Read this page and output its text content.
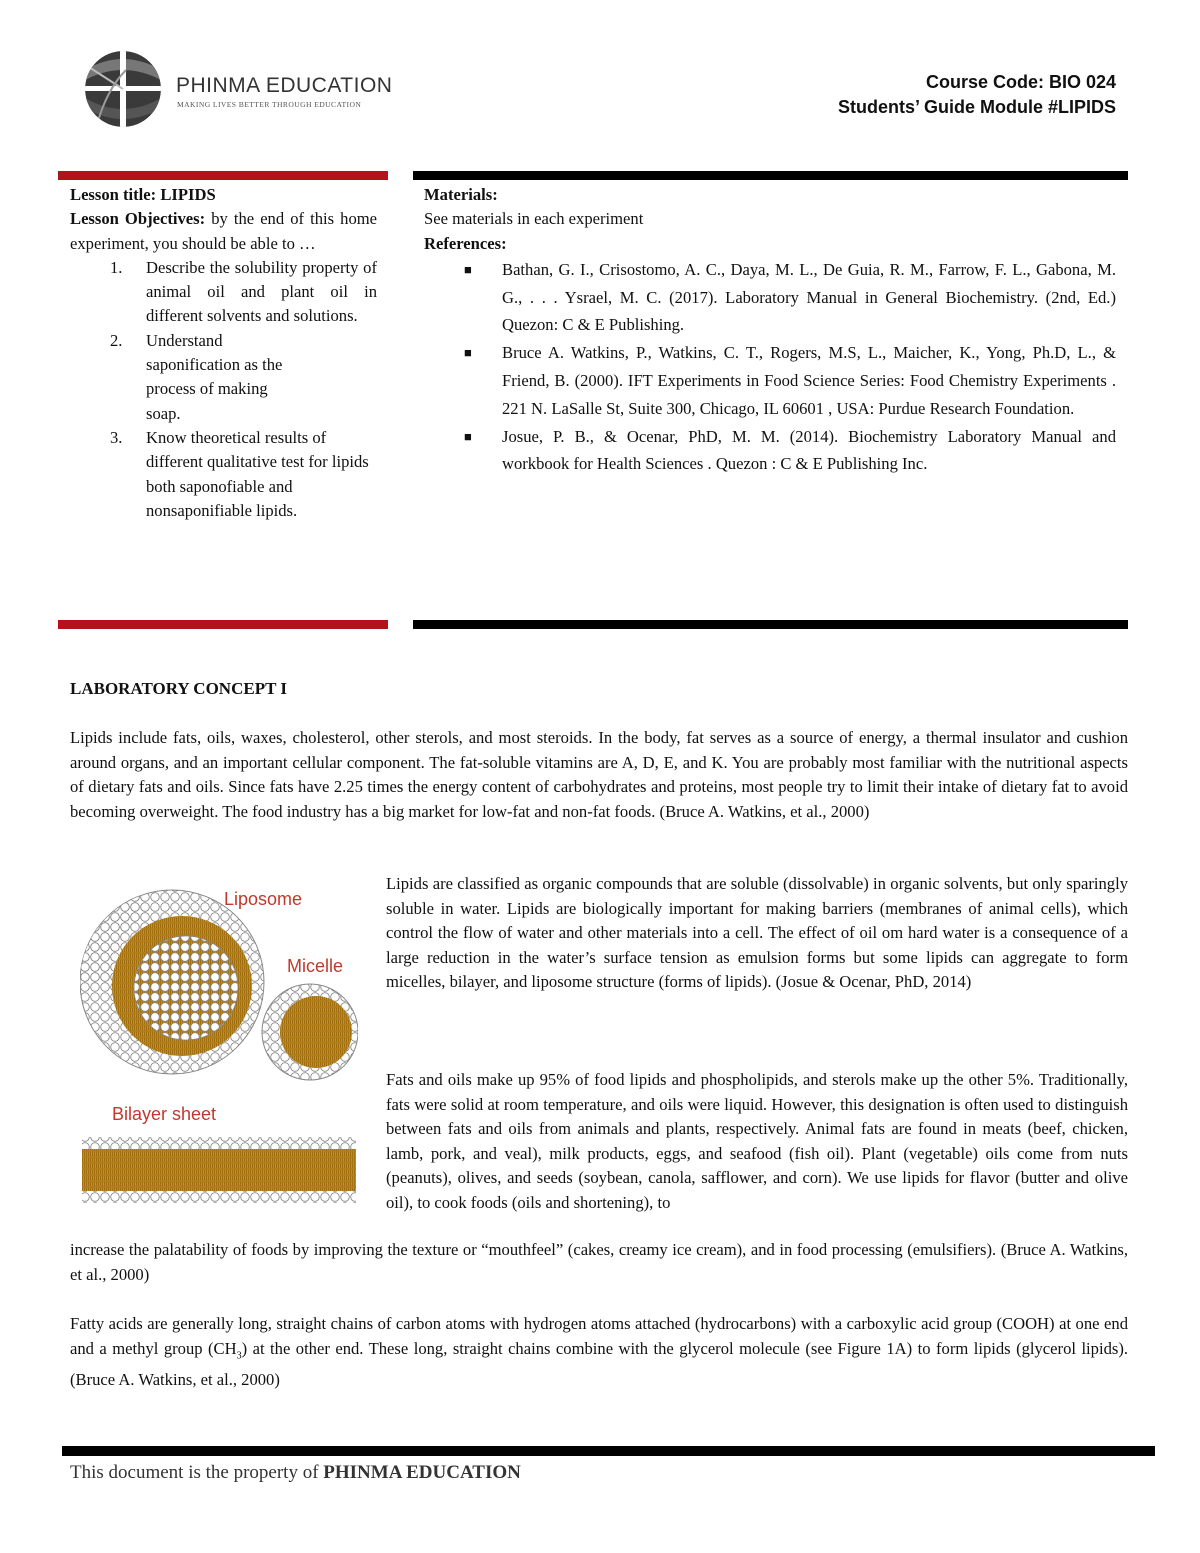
PHINMA EDUCATION
MAKING LIVES BETTER THROUGH EDUCATION
Course Code: BIO 024
Students’ Guide Module #LIPIDS
Lesson title: LIPIDS
Lesson Objectives: by the end of this home experiment, you should be able to …
1. Describe the solubility property of animal oil and plant oil in different solvents and solutions.
2. Understand saponification as the process of making soap.
3. Know theoretical results of different qualitative test for lipids both saponofiable and nonsaponifiable lipids.
Materials:
See materials in each experiment
References:
■ Bathan, G. I., Crisostomo, A. C., Daya, M. L., De Guia, R. M., Farrow, F. L., Gabona, M. G., . . . Ysrael, M. C. (2017). Laboratory Manual in General Biochemistry. (2nd, Ed.) Quezon: C & E Publishing.
■ Bruce A. Watkins, P., Watkins, C. T., Rogers, M.S, L., Maicher, K., Yong, Ph.D, L., & Friend, B. (2000). IFT Experiments in Food Science Series: Food Chemistry Experiments . 221 N. LaSalle St, Suite 300, Chicago, IL 60601 , USA: Purdue Research Foundation.
■ Josue, P. B., & Ocenar, PhD, M. M. (2014). Biochemistry Laboratory Manual and workbook for Health Sciences . Quezon : C & E Publishing Inc.
LABORATORY CONCEPT I

Lipids include fats, oils, waxes, cholesterol, other sterols, and most steroids. In the body, fat serves as a source of energy, a thermal insulator and cushion around organs, and an important cellular component. The fat-soluble vitamins are A, D, E, and K. You are probably most familiar with the nutritional aspects of dietary fats and oils. Since fats have 2.25 times the energy content of carbohydrates and proteins, most people try to limit their intake of dietary fat to avoid becoming overweight. The food industry has a big market for low-fat and non-fat foods. (Bruce A. Watkins, et al., 2000)

Liposome
Micelle
Bilayer sheet

Lipids are classified as organic compounds that are soluble (dissolvable) in organic solvents, but only sparingly soluble in water. Lipids are biologically important for making barriers (membranes of animal cells), which control the flow of water and other materials into a cell. The effect of oil om hard water is a consequence of a large reduction in the water’s surface tension as emulsion forms but some lipids can aggregate to form micelles, bilayer, and liposome structure (forms of lipids). (Josue & Ocenar, PhD, 2014)

Fats and oils make up 95% of food lipids and phospholipids, and sterols make up the other 5%. Traditionally, fats were solid at room temperature, and oils were liquid. However, this designation is often used to distinguish between fats and oils from animals and plants, respectively. Animal fats are found in meats (beef, chicken, lamb, pork, and veal), milk products, eggs, and seafood (fish oil). Plant (vegetable) oils come from nuts (peanuts), olives, and seeds (soybean, canola, safflower, and corn). We use lipids for flavor (butter and olive oil), to cook foods (oils and shortening), to

increase the palatability of foods by improving the texture or “mouthfeel” (cakes, creamy ice cream), and in food processing (emulsifiers). (Bruce A. Watkins, et al., 2000)

Fatty acids are generally long, straight chains of carbon atoms with hydrogen atoms attached (hydrocarbons) with a carboxylic acid group (COOH) at one end and a methyl group $(CH_3)$ at the other end. These long, straight chains combine with the glycerol molecule (see Figure 1A) to form lipids (glycerol lipids). (Bruce A. Watkins, et al., 2000)

This document is the property of PHINMA EDUCATION
